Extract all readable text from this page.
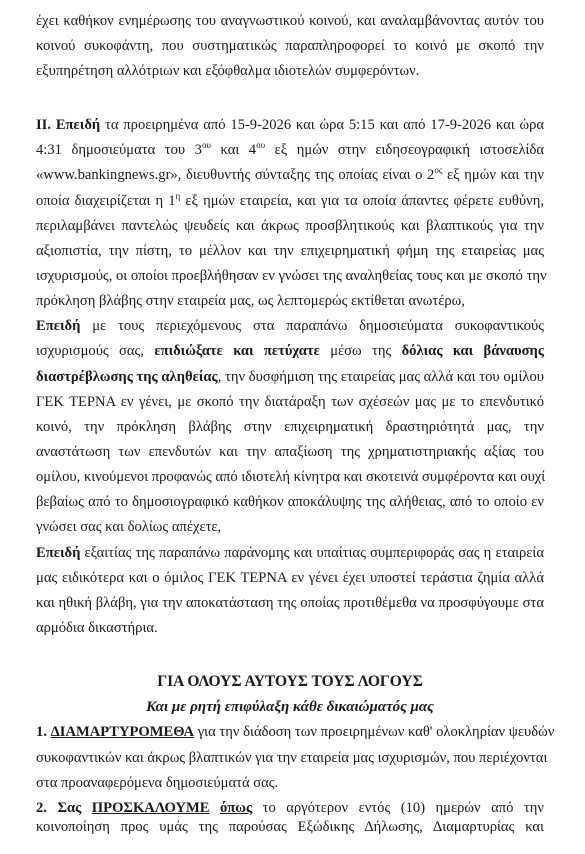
έχει καθήκον ενημέρωσης του αναγνωστικού κοινού, και αναλαμβάνοντας αυτόν του
κοινού συκοφάντη, που συστηματικώς παραπληροφορεί το κοινό με σκοπό την
εξυπηρέτηση αλλότριων και εξόφθαλμα ιδιοτελών συμφερόντων.
II. Επειδή τα προειρημένα από 15-9-2026 και ώρα 5:15 και από 17-9-2026 και ώρα
4:31 δημοσιεύματα του $3^{o\upsilon}$ και $4^{o\upsilon}$ εξ ημών στην ειδησεογραφική ιστοσελίδα
«www.bankingnews.gr», διευθυντής σύνταξης της οποίας είναι ο $2^{o\varsigma}$ εξ ημών και την
οποία διαχειρίζεται η $1^\eta$ εξ ημών εταιρεία, και για τα οποία άπαντες φέρετε ευθύνη,
περιλαμβάνει παντελώς ψευδείς και άκρως προσβλητικούς και βλαπτικούς για την
αξιοπιστία, την πίστη, το μέλλον και την επιχειρηματική φήμη της εταιρείας μας
ισχυρισμούς, οι οποίοι προεβλήθησαν εν γνώσει της αναληθείας τους και με σκοπό την
πρόκληση βλάβης στην εταιρεία μας, ως λεπτομερώς εκτίθεται ανωτέρω,
Επειδή με τους περιεχόμενους στα παραπάνω δημοσιεύματα συκοφαντικούς
ισχυρισμούς σας, επιδιώξατε και πετύχατε μέσω της δόλιας και βάναυσης
διαστρέβλωσης της αληθείας, την δυσφήμιση της εταιρείας μας αλλά και του ομίλου
ΓΕΚ ΤΕΡΝΑ εν γένει, με σκοπό την διατάραξη των σχέσεών μας με το επενδυτικό
κοινό, την πρόκληση βλάβης στην επιχειρηματική δραστηριότητά μας, την
αναστάτωση των επενδυτών και την απαξίωση της χρηματιστηριακής αξίας του
ομίλου, κινούμενοι προφανώς από ιδιοτελή κίνητρα και σκοτεινά συμφέροντα και ουχί
βεβαίως από το δημοσιογραφικό καθήκον αποκάλυψης της αλήθειας, από το οποίο εν
γνώσει σας και δολίως απέχετε,
Επειδή εξαιτίας της παραπάνω παράνομης και υπαίτιας συμπεριφοράς σας η εταιρεία
μας ειδικότερα και ο όμιλος ΓΕΚ ΤΕΡΝΑ εν γένει έχει υποστεί τεράστια ζημία αλλά
και ηθική βλάβη, για την αποκατάσταση της οποίας προτιθέμεθα να προσφύγουμε στα
αρμόδια δικαστήρια.
ΓΙΑ ΟΛΟΥΣ ΑΥΤΟΥΣ ΤΟΥΣ ΛΟΓΟΥΣ
Και με ρητή επιφύλαξη κάθε δικαιώματός μας
1. ΔΙΑΜΑΡΤΥΡΟΜΕΘΑ για την διάδοση των προειρημένων καθ' ολοκληρίαν ψευδών
συκοφαντικών και άκρως βλαπτικών για την εταιρεία μας ισχυρισμών, που περιέχονται
στα προαναφερόμενα δημοσιεύματά σας.
2. Σας ΠΡΟΣΚΑΛΟΥΜΕ όπως το αργότερον εντός (10) ημερών από την
κοινοποίηση προς υμάς της παρούσας Εξώδικης Δήλωσης, Διαμαρτυρίας και
